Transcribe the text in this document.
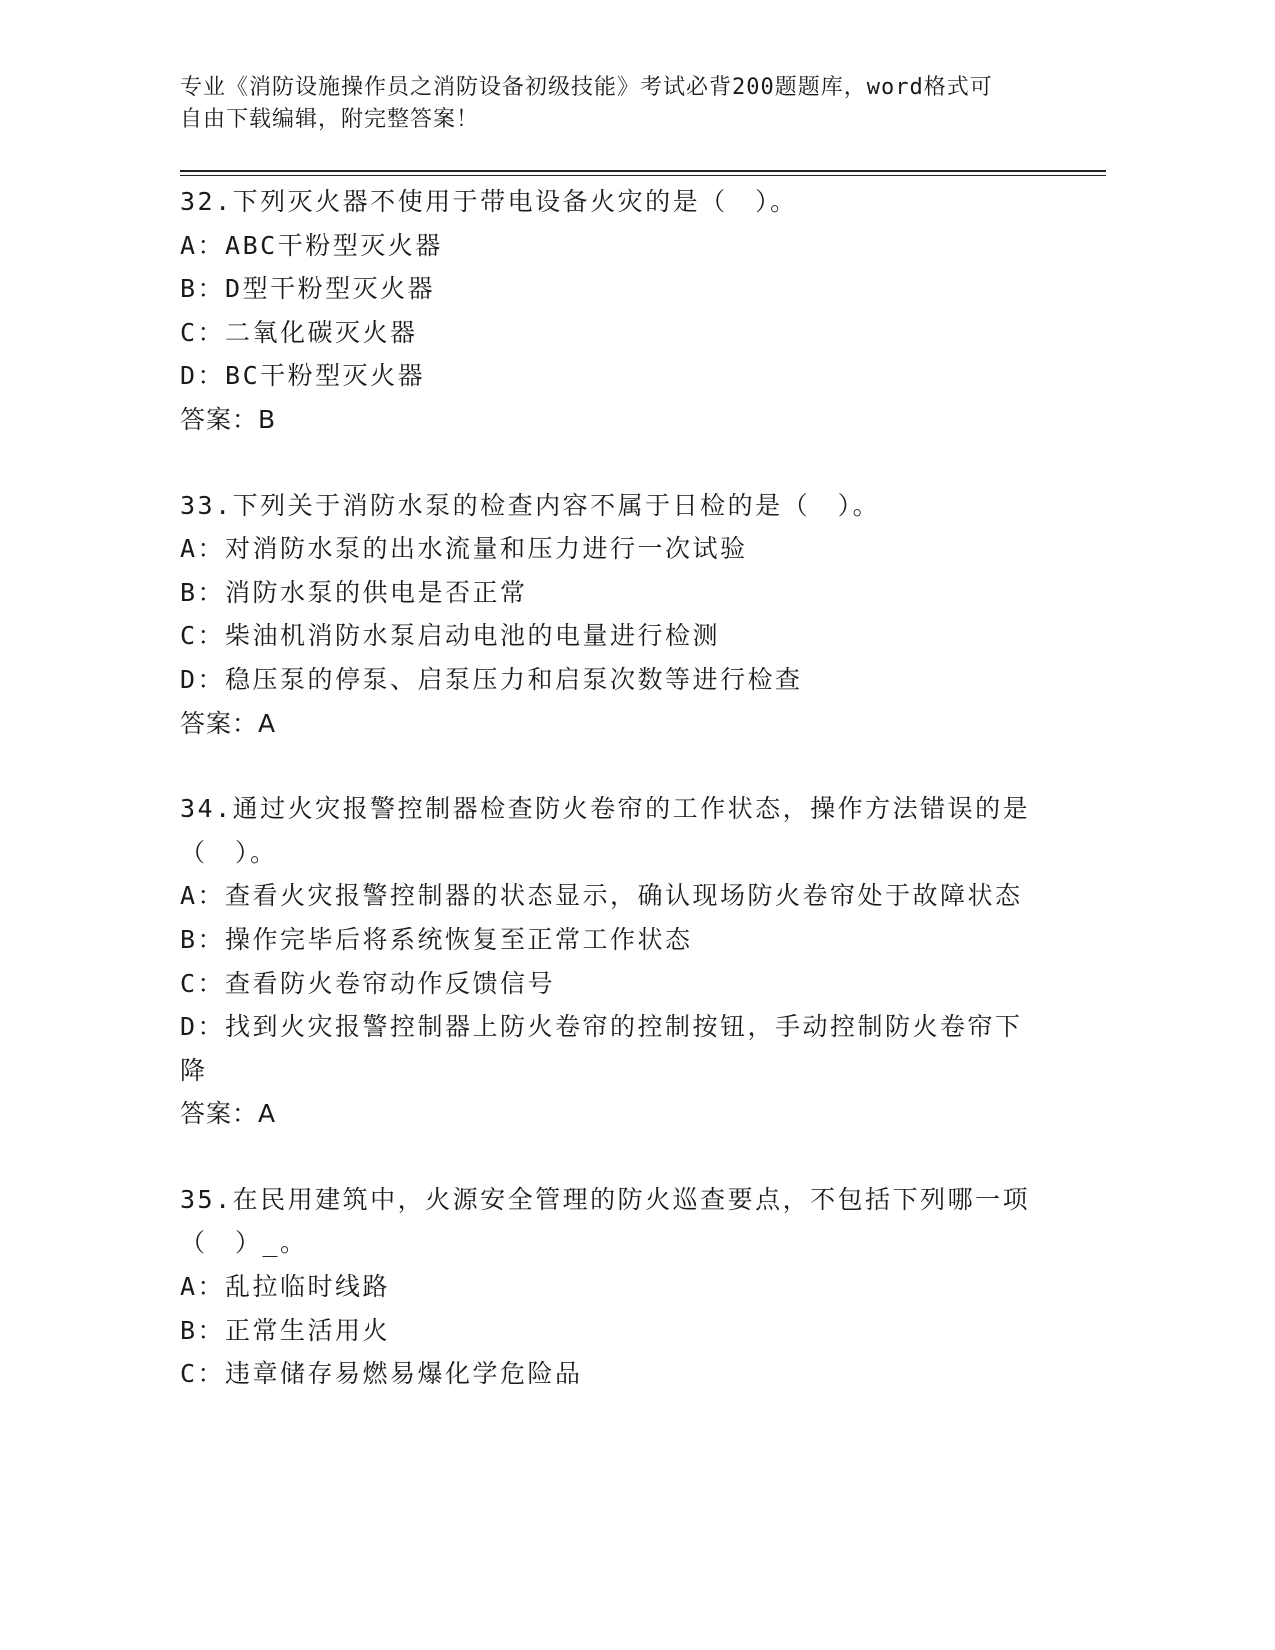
专业《消防设施操作员之消防设备初级技能》考试必背200题题库，word格式可
自由下载编辑，附完整答案！
32.下列灭火器不使用于带电设备火灾的是（　）。
A：ABC干粉型灭火器
B：D型干粉型灭火器
C：二氧化碳灭火器
D：BC干粉型灭火器
答案：B
33.下列关于消防水泵的检查内容不属于日检的是（　）。
A：对消防水泵的出水流量和压力进行一次试验
B：消防水泵的供电是否正常
C：柴油机消防水泵启动电池的电量进行检测
D：稳压泵的停泵、启泵压力和启泵次数等进行检查
答案：A
34.通过火灾报警控制器检查防火卷帘的工作状态，操作方法错误的是
（　）。
A：查看火灾报警控制器的状态显示，确认现场防火卷帘处于故障状态
B：操作完毕后将系统恢复至正常工作状态
C：查看防火卷帘动作反馈信号
D：找到火灾报警控制器上防火卷帘的控制按钮，手动控制防火卷帘下
降
答案：A
35.在民用建筑中，火源安全管理的防火巡查要点，不包括下列哪一项
（　）_。
A：乱拉临时线路
B：正常生活用火
C：违章储存易燃易爆化学危险品
